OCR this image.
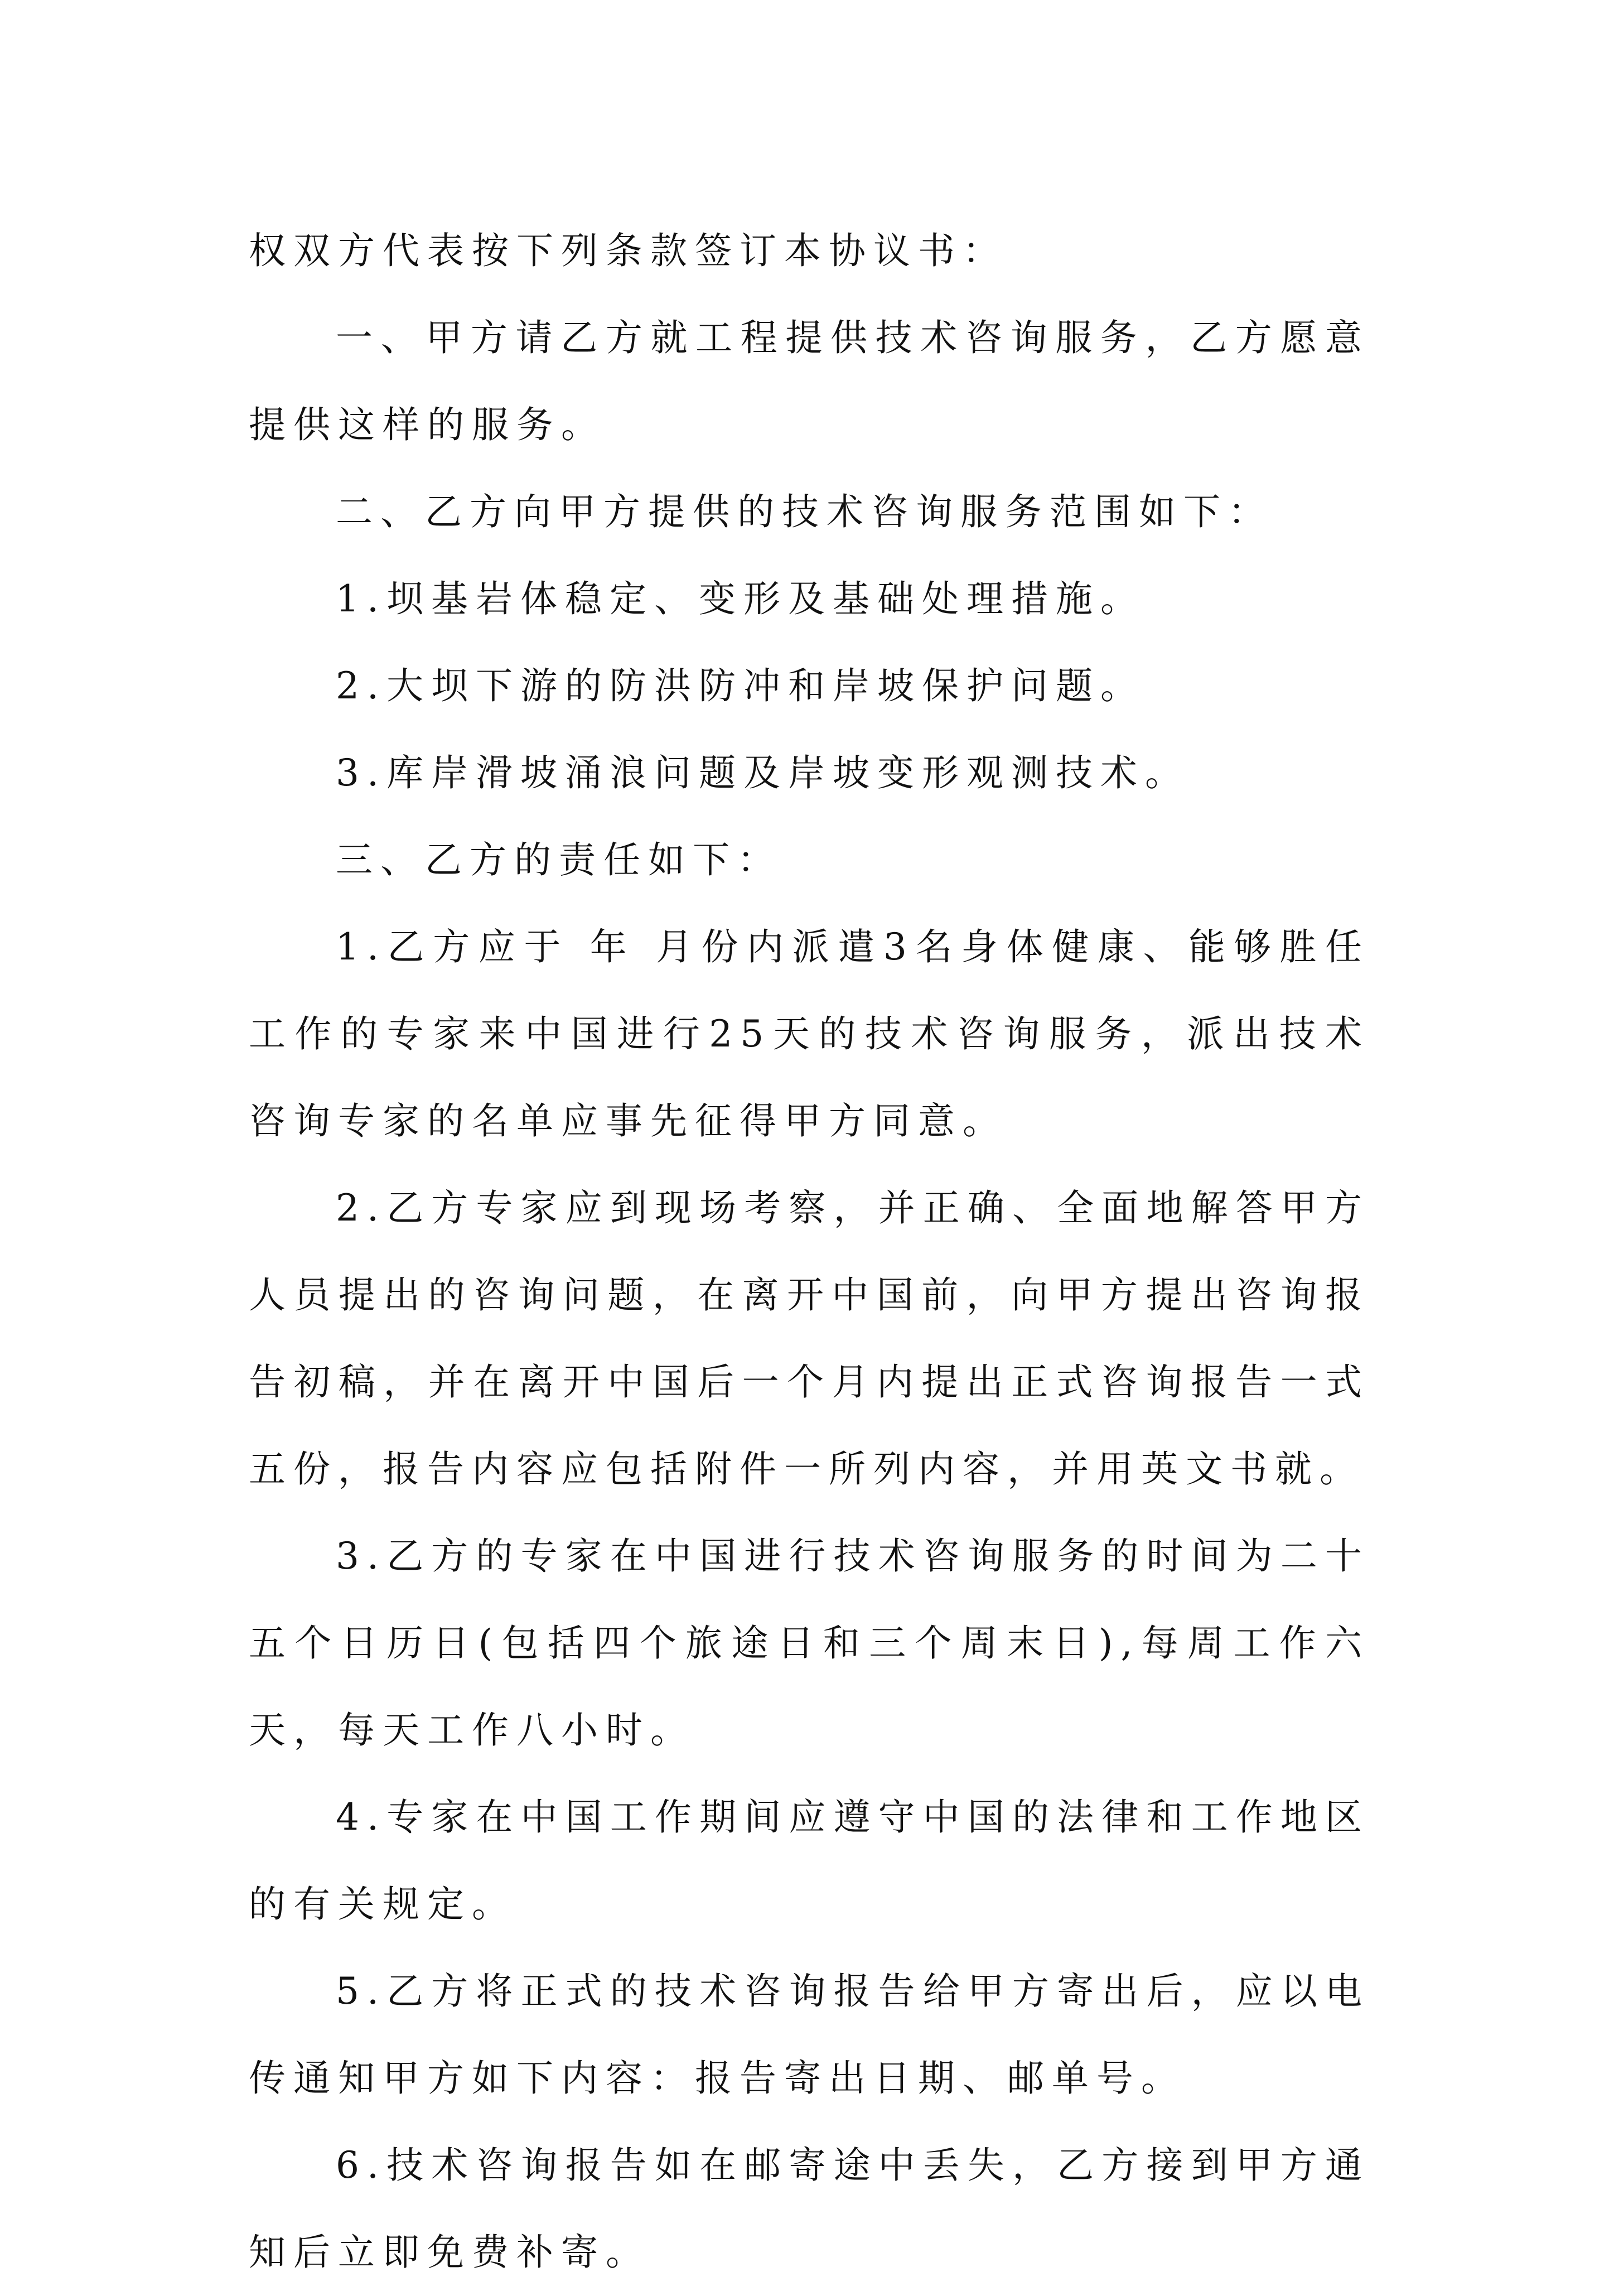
权双方代表按下列条款签订本协议书：

一、甲方请乙方就工程提供技术咨询服务，乙方愿意提供这样的服务。

二、乙方向甲方提供的技术咨询服务范围如下：

1.坝基岩体稳定、变形及基础处理措施。

2.大坝下游的防洪防冲和岸坡保护问题。

3.库岸滑坡涌浪问题及岸坡变形观测技术。

三、乙方的责任如下：

1.乙方应于 年 月份内派遣3名身体健康、能够胜任工作的专家来中国进行25天的技术咨询服务，派出技术咨询专家的名单应事先征得甲方同意。

2.乙方专家应到现场考察，并正确、全面地解答甲方人员提出的咨询问题，在离开中国前，向甲方提出咨询报告初稿，并在离开中国后一个月内提出正式咨询报告一式五份，报告内容应包括附件一所列内容，并用英文书就。

3.乙方的专家在中国进行技术咨询服务的时间为二十五个日历日(包括四个旅途日和三个周末日),每周工作六天，每天工作八小时。

4.专家在中国工作期间应遵守中国的法律和工作地区的有关规定。

5.乙方将正式的技术咨询报告给甲方寄出后，应以电传通知甲方如下内容：报告寄出日期、邮单号。

6.技术咨询报告如在邮寄途中丢失，乙方接到甲方通知后立即免费补寄。
